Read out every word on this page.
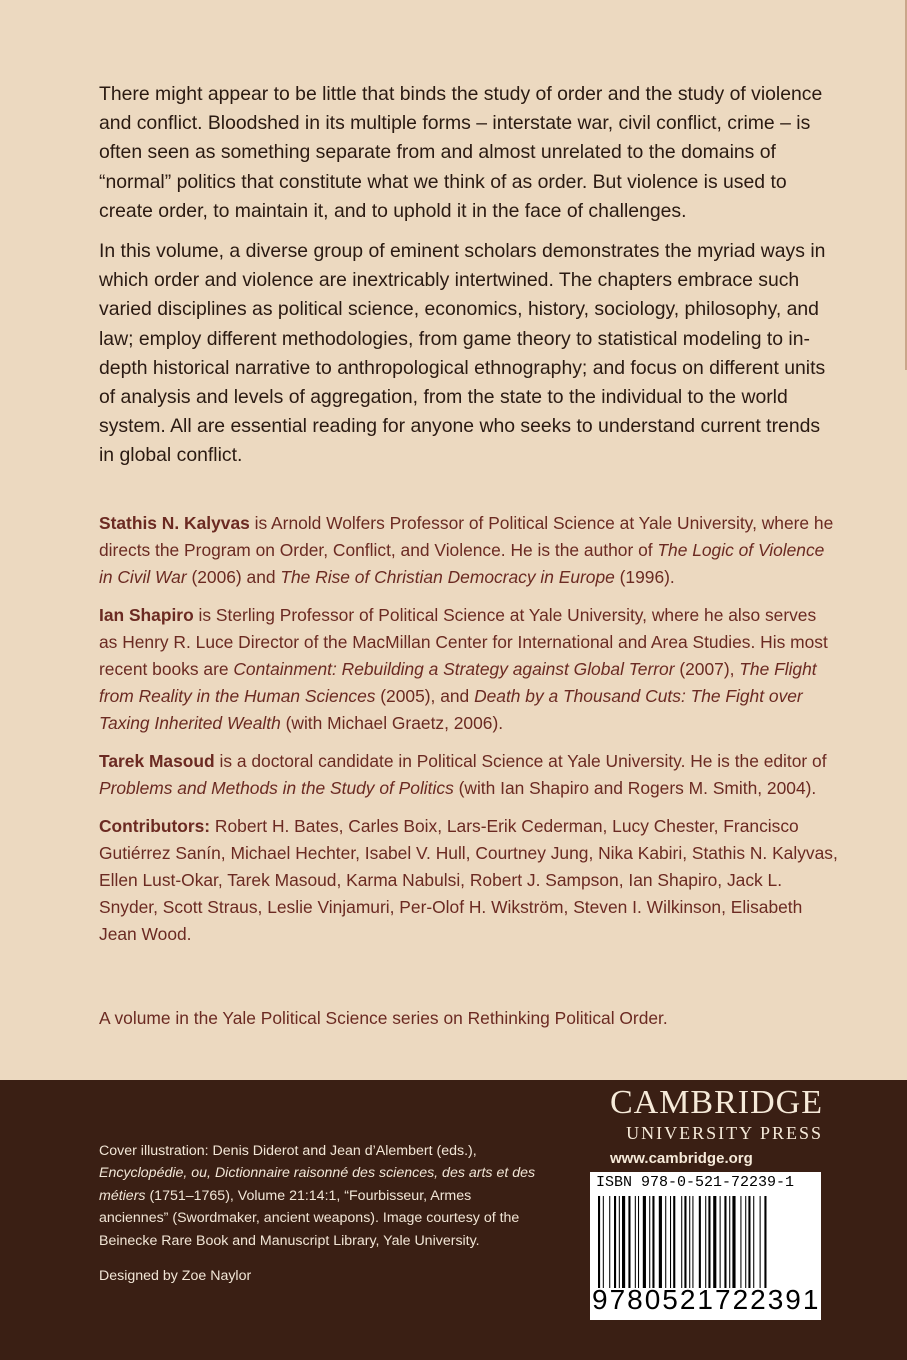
There might appear to be little that binds the study of order and the study of violence and conflict. Bloodshed in its multiple forms – interstate war, civil conflict, crime – is often seen as something separate from and almost unrelated to the domains of “normal” politics that constitute what we think of as order. But violence is used to create order, to maintain it, and to uphold it in the face of challenges.

In this volume, a diverse group of eminent scholars demonstrates the myriad ways in which order and violence are inextricably intertwined. The chapters embrace such varied disciplines as political science, economics, history, sociology, philosophy, and law; employ different methodologies, from game theory to statistical modeling to in-depth historical narrative to anthropological ethnography; and focus on different units of analysis and levels of aggregation, from the state to the individual to the world system. All are essential reading for anyone who seeks to understand current trends in global conflict.

Stathis N. Kalyvas is Arnold Wolfers Professor of Political Science at Yale University, where he directs the Program on Order, Conflict, and Violence. He is the author of The Logic of Violence in Civil War (2006) and The Rise of Christian Democracy in Europe (1996).

Ian Shapiro is Sterling Professor of Political Science at Yale University, where he also serves as Henry R. Luce Director of the MacMillan Center for International and Area Studies. His most recent books are Containment: Rebuilding a Strategy against Global Terror (2007), The Flight from Reality in the Human Sciences (2005), and Death by a Thousand Cuts: The Fight over Taxing Inherited Wealth (with Michael Graetz, 2006).

Tarek Masoud is a doctoral candidate in Political Science at Yale University. He is the editor of Problems and Methods in the Study of Politics (with Ian Shapiro and Rogers M. Smith, 2004).

Contributors: Robert H. Bates, Carles Boix, Lars-Erik Cederman, Lucy Chester, Francisco Gutiérrez Sanín, Michael Hechter, Isabel V. Hull, Courtney Jung, Nika Kabiri, Stathis N. Kalyvas, Ellen Lust-Okar, Tarek Masoud, Karma Nabulsi, Robert J. Sampson, Ian Shapiro, Jack L. Snyder, Scott Straus, Leslie Vinjamuri, Per-Olof H. Wikström, Steven I. Wilkinson, Elisabeth Jean Wood.

A volume in the Yale Political Science series on Rethinking Political Order.
Cover illustration: Denis Diderot and Jean d’Alembert (eds.), Encyclopédie, ou, Dictionnaire raisonné des sciences, des arts et des métiers (1751–1765), Volume 21:14:1, “Fourbisseur, Armes anciennes” (Swordmaker, ancient weapons). Image courtesy of the Beinecke Rare Book and Manuscript Library, Yale University.
Designed by Zoe Naylor
CAMBRIDGE
UNIVERSITY PRESS
www.cambridge.org
ISBN 978-0-521-72239-1
9780521722391
